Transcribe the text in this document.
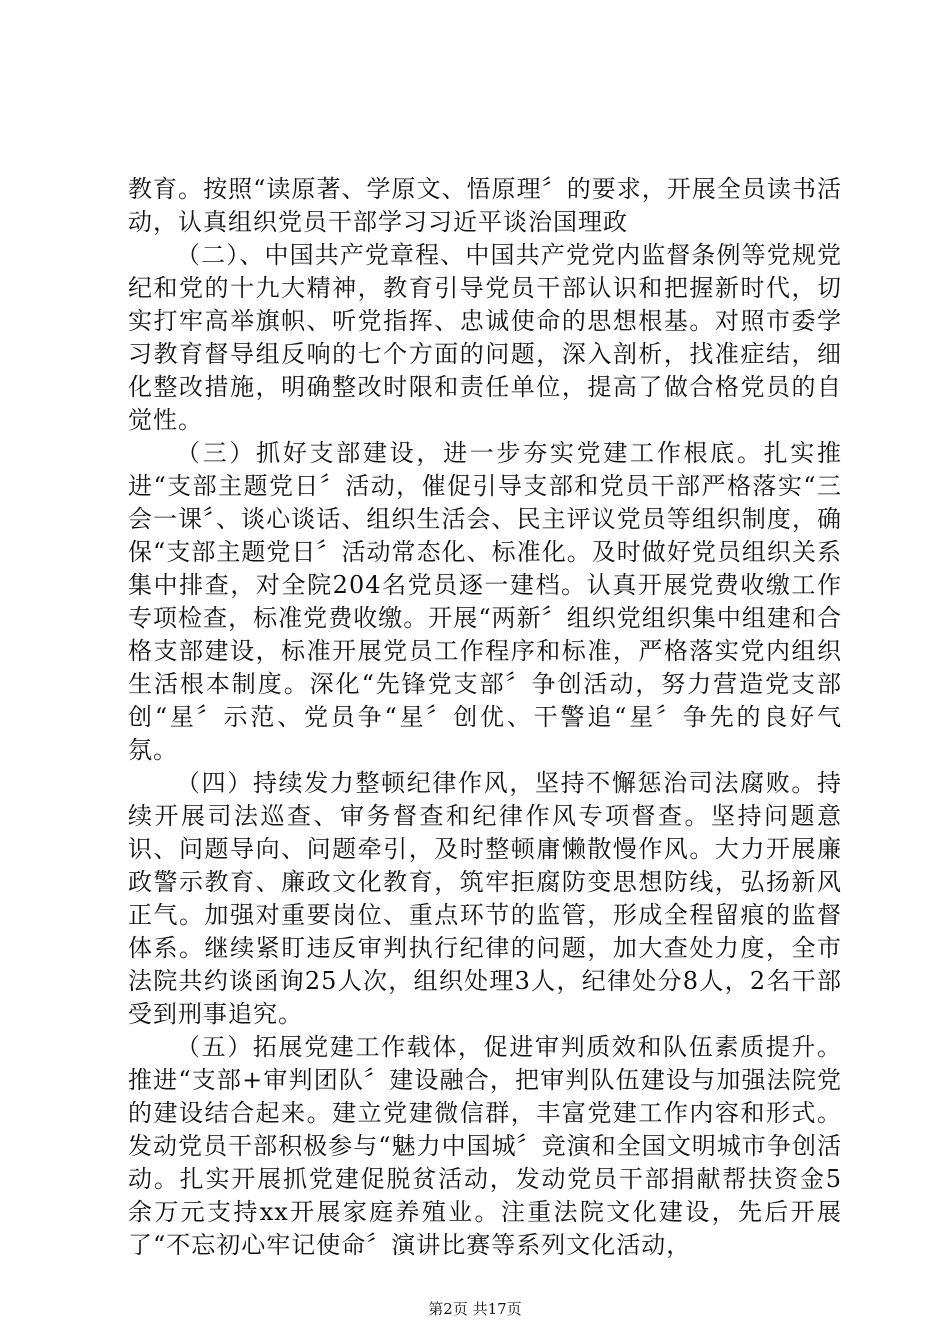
教育。按照“读原著、学原文、悟原理〞的要求，开展全员读书活动，认真组织党员干部学习习近平谈治国理政

（二）、中国共产党章程、中国共产党党内监督条例等党规党纪和党的十九大精神，教育引导党员干部认识和把握新时代，切实打牢高举旗帜、听党指挥、忠诚使命的思想根基。对照市委学习教育督导组反响的七个方面的问题，深入剖析，找准症结，细化整改措施，明确整改时限和责任单位，提高了做合格党员的自觉性。

（三）抓好支部建设，进一步夯实党建工作根底。扎实推进“支部主题党日〞活动，催促引导支部和党员干部严格落实“三会一课〞、谈心谈话、组织生活会、民主评议党员等组织制度，确保“支部主题党日〞活动常态化、标准化。及时做好党员组织关系集中排查，对全院204名党员逐一建档。认真开展党费收缴工作专项检查，标准党费收缴。开展“两新〞组织党组织集中组建和合格支部建设，标准开展党员工作程序和标准，严格落实党内组织生活根本制度。深化“先锋党支部〞争创活动，努力营造党支部创“星〞示范、党员争“星〞创优、干警追“星〞争先的良好气氛。

（四）持续发力整顿纪律作风，坚持不懈惩治司法腐败。持续开展司法巡查、审务督查和纪律作风专项督查。坚持问题意识、问题导向、问题牵引，及时整顿庸懒散慢作风。大力开展廉政警示教育、廉政文化教育，筑牢拒腐防变思想防线，弘扬新风正气。加强对重要岗位、重点环节的监管，形成全程留痕的监督体系。继续紧盯违反审判执行纪律的问题，加大查处力度，全市法院共约谈函询25人次，组织处理3人，纪律处分8人，2名干部受到刑事追究。

（五）拓展党建工作载体，促进审判质效和队伍素质提升。推进“支部+审判团队〞建设融合，把审判队伍建设与加强法院党的建设结合起来。建立党建微信群，丰富党建工作内容和形式。发动党员干部积极参与“魅力中国城〞竞演和全国文明城市争创活动。扎实开展抓党建促脱贫活动，发动党员干部捐献帮扶资金5余万元支持xx开展家庭养殖业。注重法院文化建设，先后开展了“不忘初心牢记使命〞演讲比赛等系列文化活动，

第2页 共17页
